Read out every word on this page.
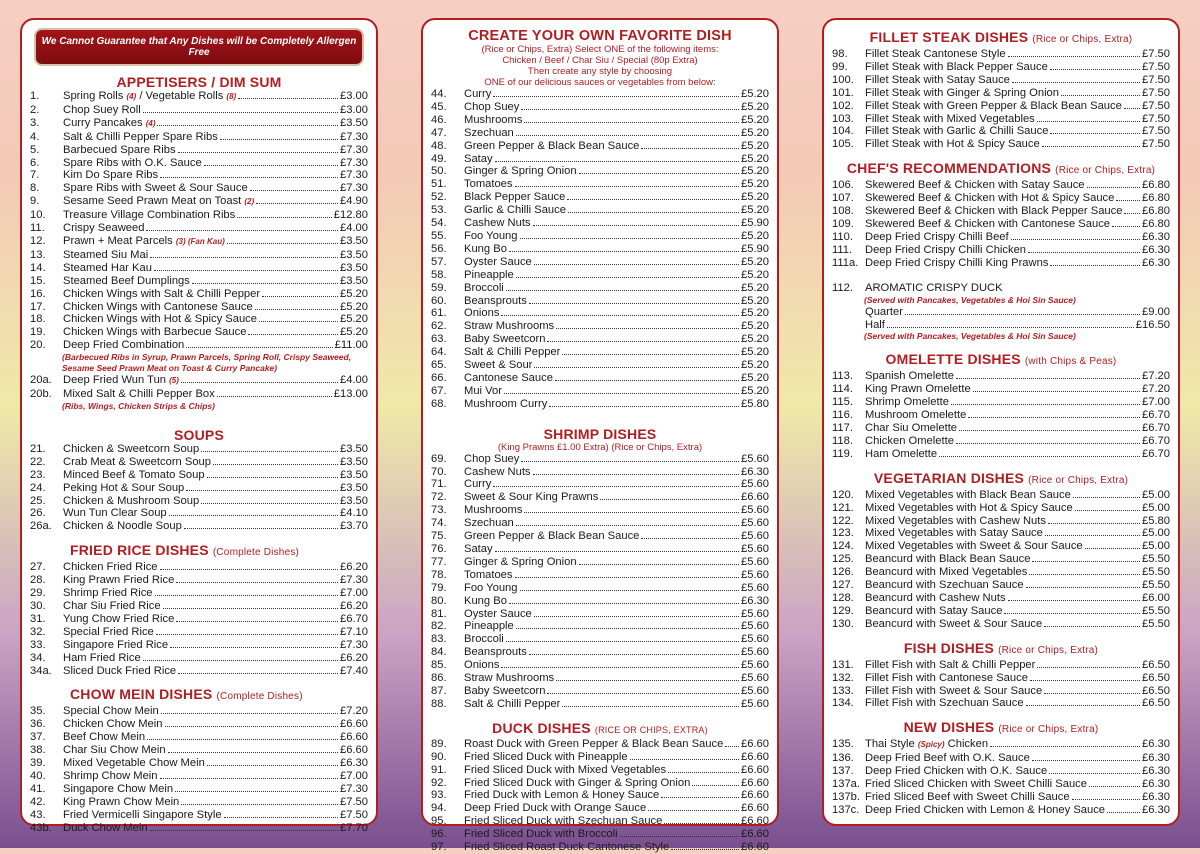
We Cannot Guarantee that Any Dishes will be Completely Allergen Free
APPETISERS / DIM SUM
1.	Spring Rolls (4) / Vegetable Rolls (8)	£3.00
2.	Chop Suey Roll	£3.00
3.	Curry Pancakes (4)	£3.50
4.	Salt & Chilli Pepper Spare Ribs	£7.30
5.	Barbecued Spare Ribs	£7.30
6.	Spare Ribs with O.K. Sauce	£7.30
7.	Kim Do Spare Ribs	£7.30
8.	Spare Ribs with Sweet & Sour Sauce	£7.30
9.	Sesame Seed Prawn Meat on Toast (2)	£4.90
10.	Treasure Village Combination Ribs	£12.80
11.	Crispy Seaweed	£4.00
12.	Prawn + Meat Parcels (3) (Fan Kau)	£3.50
13.	Steamed Siu Mai	£3.50
14.	Steamed Har Kau	£3.50
15.	Steamed Beef Dumplings	£3.50
16.	Chicken Wings with Salt & Chilli Pepper	£5.20
17.	Chicken Wings with Cantonese Sauce	£5.20
18.	Chicken Wings with Hot & Spicy Sauce	£5.20
19.	Chicken Wings with Barbecue Sauce	£5.20
20.	Deep Fried Combination	£11.00
(Barbecued Ribs in Syrup, Prawn Parcels, Spring Roll, Crispy Seaweed, Sesame Seed Prawn Meat on Toast & Curry Pancake)
20a.	Deep Fried Wun Tun (5)	£4.00
20b.	Mixed Salt & Chilli Pepper Box	£13.00
(Ribs, Wings, Chicken Strips & Chips)
SOUPS
21.	Chicken & Sweetcorn Soup	£3.50
22.	Crab Meat & Sweetcorn Soup	£3.50
23.	Minced Beef & Tomato Soup	£3.50
24.	Peking Hot & Sour Soup	£3.50
25.	Chicken & Mushroom Soup	£3.50
26.	Wun Tun Clear Soup	£4.10
26a.	Chicken & Noodle Soup	£3.70
FRIED RICE DISHES (Complete Dishes)
27.	Chicken Fried Rice	£6.20
28.	King Prawn Fried Rice	£7.30
29.	Shrimp Fried Rice	£7.00
30.	Char Siu Fried Rice	£6.20
31.	Yung Chow Fried Rice	£6.70
32.	Special Fried Rice	£7.10
33.	Singapore Fried Rice	£7.30
34.	Ham Fried Rice	£6.20
34a.	Sliced Duck Fried Rice	£7.40
CHOW MEIN DISHES (Complete Dishes)
35.	Special Chow Mein	£7.20
36.	Chicken Chow Mein	£6.60
37.	Beef Chow Mein	£6.60
38.	Char Siu Chow Mein	£6.60
39.	Mixed Vegetable Chow Mein	£6.30
40.	Shrimp Chow Mein	£7.00
41.	Singapore Chow Mein	£7.30
42.	King Prawn Chow Mein	£7.50
43.	Fried Vermicelli Singapore Style	£7.50
43b.	Duck Chow Mein	£7.70
CREATE YOUR OWN FAVORITE DISH
(Rice or Chips, Extra) Select ONE of the following items:
Chicken / Beef / Char Siu / Special (80p Extra)
Then create any style by choosing
ONE of our delicious sauces or vegetables from below:
44.	Curry	£5.20
45.	Chop Suey	£5.20
46.	Mushrooms	£5.20
47.	Szechuan	£5.20
48.	Green Pepper & Black Bean Sauce	£5.20
49.	Satay	£5.20
50.	Ginger & Spring Onion	£5.20
51.	Tomatoes	£5.20
52.	Black Pepper Sauce	£5.20
53.	Garlic & Chilli Sauce	£5.20
54.	Cashew Nuts	£5.90
55.	Foo Young	£5.20
56.	Kung Bo	£5.90
57.	Oyster Sauce	£5.20
58.	Pineapple	£5.20
59.	Broccoli	£5.20
60.	Beansprouts	£5.20
61.	Onions	£5.20
62.	Straw Mushrooms	£5.20
63.	Baby Sweetcorn	£5.20
64.	Salt & Chilli Pepper	£5.20
65.	Sweet & Sour	£5.20
66.	Cantonese Sauce	£5.20
67.	Mui Vor	£5.20
68.	Mushroom Curry	£5.80
SHRIMP DISHES
(King Prawns £1.00 Extra) (Rice or Chips, Extra)
69.	Chop Suey	£5.60
70.	Cashew Nuts	£6.30
71.	Curry	£5.60
72.	Sweet & Sour King Prawns	£6.60
73.	Mushrooms	£5.60
74.	Szechuan	£5.60
75.	Green Pepper & Black Bean Sauce	£5.60
76.	Satay	£5.60
77.	Ginger & Spring Onion	£5.60
78.	Tomatoes	£5.60
79.	Foo Young	£5.60
80.	Kung Bo	£6.30
81.	Oyster Sauce	£5.60
82.	Pineapple	£5.60
83.	Broccoli	£5.60
84.	Beansprouts	£5.60
85.	Onions	£5.60
86.	Straw Mushrooms	£5.60
87.	Baby Sweetcorn	£5.60
88.	Salt & Chilli Pepper	£5.60
DUCK DISHES (RICE OR CHIPS, EXTRA)
89.	Roast Duck with Green Pepper & Black Bean Sauce £6.60
90.	Fried Sliced Duck with Pineapple	£6.60
91.	Fried Sliced Duck with Mixed Vegetables	£6.60
92.	Fried Sliced Duck with Ginger & Spring Onion	£6.60
93.	Fried Duck with Lemon & Honey Sauce	£6.60
94.	Deep Fried Duck with Orange Sauce	£6.60
95.	Fried Sliced Duck with Szechuan Sauce	£6.60
96.	Fried Sliced Duck with Broccoli	£6.60
97.	Fried Sliced Roast Duck Cantonese Style	£6.60
FILLET STEAK DISHES (Rice or Chips, Extra)
98.	Fillet Steak Cantonese Style	£7.50
99.	Fillet Steak with Black Pepper Sauce	£7.50
100.	Fillet Steak with Satay Sauce	£7.50
101.	Fillet Steak with Ginger & Spring Onion	£7.50
102.	Fillet Steak with Green Pepper & Black Bean Sauce £7.50
103.	Fillet Steak with Mixed Vegetables	£7.50
104.	Fillet Steak with Garlic & Chilli Sauce	£7.50
105.	Fillet Steak with Hot & Spicy Sauce	£7.50
CHEF'S RECOMMENDATIONS (Rice or Chips, Extra)
106.	Skewered Beef & Chicken with Satay Sauce	£6.80
107.	Skewered Beef & Chicken with Hot & Spicy Sauce £6.80
108.	Skewered Beef & Chicken with Black Pepper Sauce £6.80
109.	Skewered Beef & Chicken with Cantonese Sauce	£6.80
110.	Deep Fried Crispy Chilli Beef	£6.30
111.	Deep Fried Crispy Chilli Chicken	£6.30
111a. Deep Fried Crispy Chilli King Prawns	£6.30
112. AROMATIC CRISPY DUCK
(Served with Pancakes, Vegetables & Hoi Sin Sauce)
Quarter	£9.00
Half	£16.50
(Served with Pancakes, Vegetables & Hoi Sin Sauce)
OMELETTE DISHES (with Chips & Peas)
113.	Spanish Omelette	£7.20
114.	King Prawn Omelette	£7.20
115.	Shrimp Omelette	£7.00
116.	Mushroom Omelette	£6.70
117.	Char Siu Omelette	£6.70
118.	Chicken Omelette	£6.70
119.	Ham Omelette	£6.70
VEGETARIAN DISHES (Rice or Chips, Extra)
120.	Mixed Vegetables with Black Bean Sauce	£5.00
121.	Mixed Vegetables with Hot & Spicy Sauce	£5.00
122.	Mixed Vegetables with Cashew Nuts	£5.80
123.	Mixed Vegetables with Satay Sauce	£5.00
124.	Mixed Vegetables with Sweet & Sour Sauce	£5.00
125.	Beancurd with Black Bean Sauce	£5.50
126.	Beancurd with Mixed Vegetables	£5.50
127.	Beancurd with Szechuan Sauce	£5.50
128.	Beancurd with Cashew Nuts	£6.00
129.	Beancurd with Satay Sauce	£5.50
130.	Beancurd with Sweet & Sour Sauce	£5.50
FISH DISHES (Rice or Chips, Extra)
131.	Fillet Fish with Salt & Chilli Pepper	£6.50
132.	Fillet Fish with Cantonese Sauce	£6.50
133.	Fillet Fish with Sweet & Sour Sauce	£6.50
134.	Fillet Fish with Szechuan Sauce	£6.50
NEW DISHES (Rice or Chips, Extra)
135.	Thai Style (Spicy) Chicken	£6.30
136.	Deep Fried Beef with O.K. Sauce	£6.30
137.	Deep Fried Chicken with O.K. Sauce	£6.30
137a. Fried Sliced Chicken with Sweet Chilli Sauce	£6.30
137b. Fried Sliced Beef with Sweet Chilli Sauce	£6.30
137c. Deep Fried Chicken with Lemon & Honey Sauce	£6.30
